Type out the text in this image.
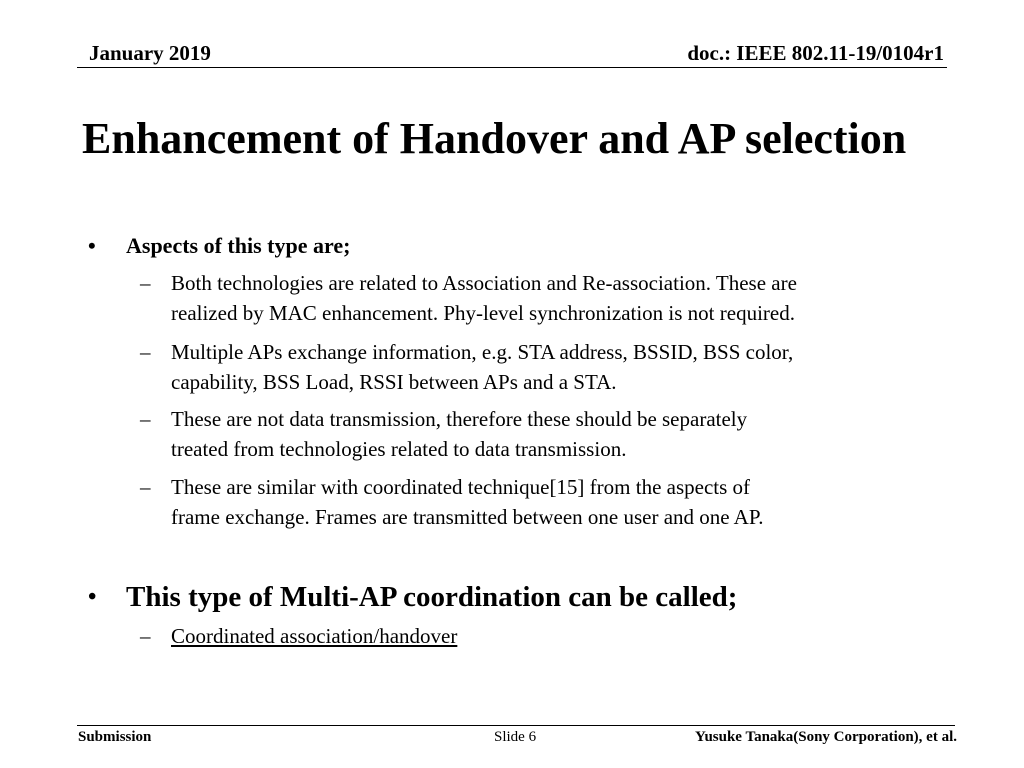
January 2019	doc.: IEEE 802.11-19/0104r1
Enhancement of Handover and AP selection
• Aspects of this type are;
– Both technologies are related to Association and Re-association. These are
realized by MAC enhancement. Phy-level synchronization is not required.
– Multiple APs exchange information, e.g. STA address, BSSID, BSS color,
capability, BSS Load, RSSI between APs and a STA.
– These are not data transmission, therefore these should be separately
treated from technologies related to data transmission.
– These are similar with coordinated technique[15] from the aspects of
frame exchange. Frames are transmitted between one user and one AP.
• This type of Multi-AP coordination can be called;
– Coordinated association/handover
Submission	Slide 6	Yusuke Tanaka(Sony Corporation), et al.
